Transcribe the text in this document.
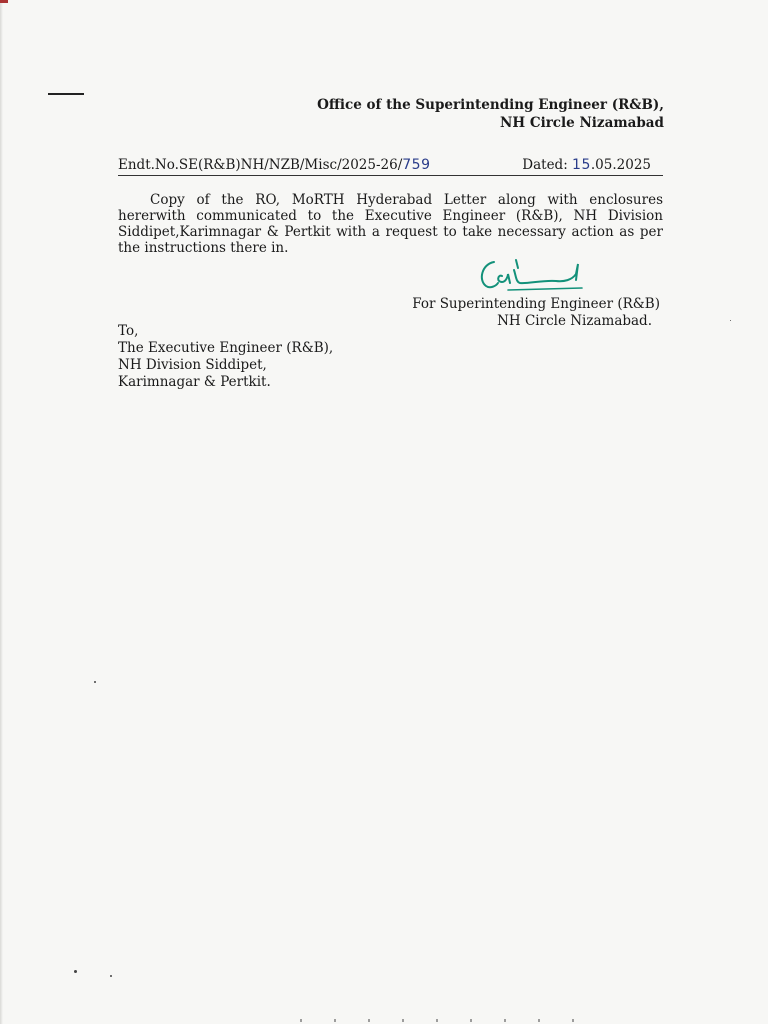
Office of the Superintending Engineer (R&B),
NH Circle Nizamabad
Endt.No.SE(R&B)NH/NZB/Misc/2025-26/759	Dated: 15.05.2025

Copy of the RO, MoRTH Hyderabad Letter along with enclosures hererwith communicated to the Executive Engineer (R&B), NH Division Siddipet,Karimnagar & Pertkit with a request to take necessary action as per the instructions there in.

For Superintending Engineer (R&B)

NH Circle Nizamabad.
To,
The Executive Engineer (R&B),
NH Division Siddipet,
Karimnagar & Pertkit.
